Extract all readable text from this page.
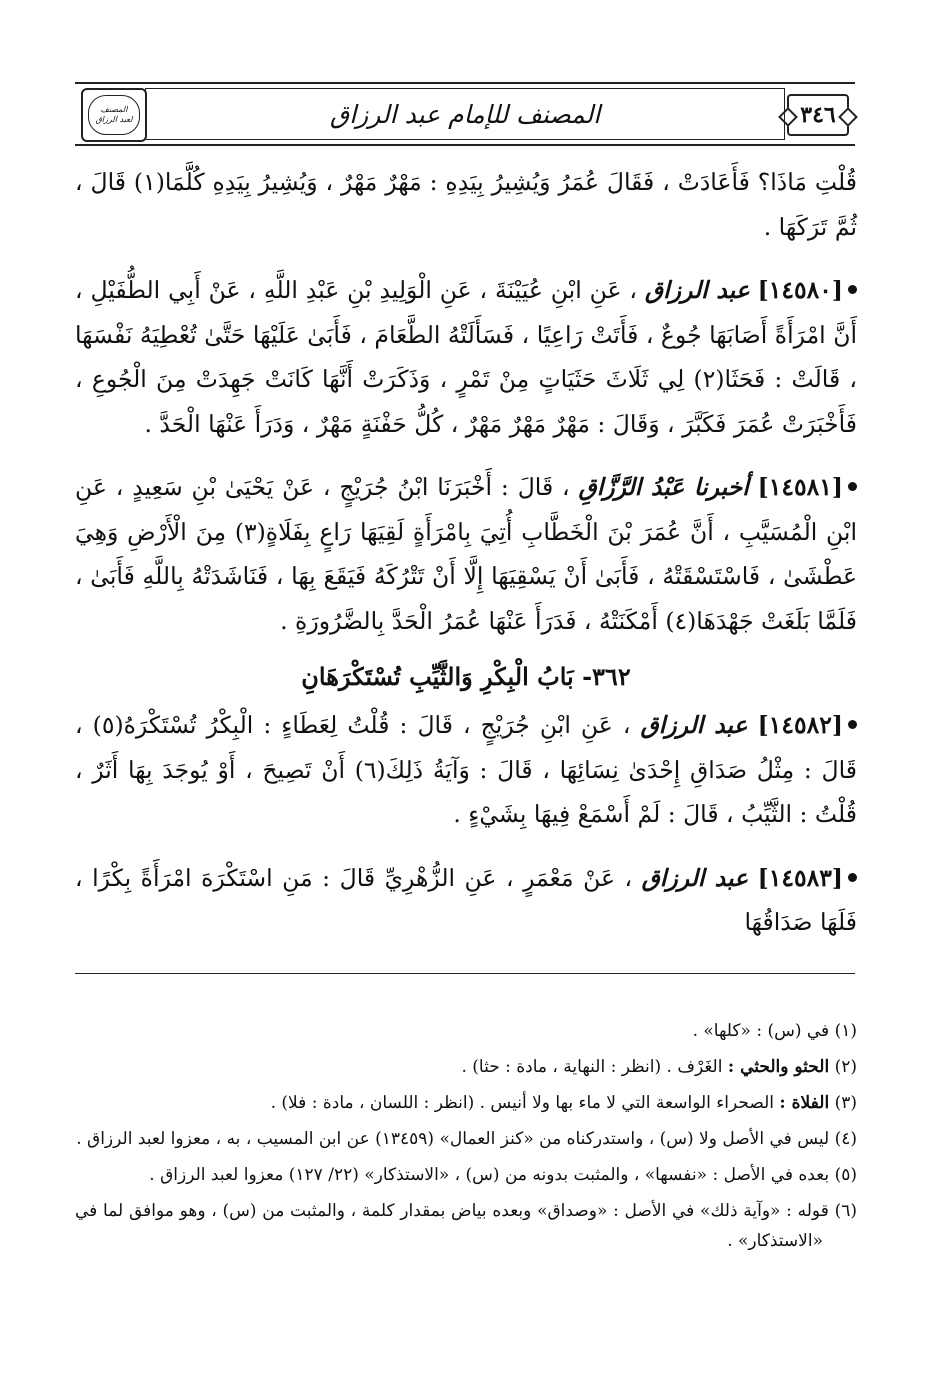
٣٤٦
المصنف للإمام عبد الرزاق
المصنف
لعبد الرزاق

قُلْتِ مَاذَا؟ فَأَعَادَتْ ، فَقَالَ عُمَرُ وَيُشِيرُ بِيَدِهِ : مَهْرٌ مَهْرٌ ، وَيُشِيرُ بِيَدِهِ كُلَّمَا(١) قَالَ ، ثُمَّ تَرَكَهَا .

[١٤٥٨٠] عبد الرزاق ، عَنِ ابْنِ عُيَيْنَةَ ، عَنِ الْوَلِيدِ بْنِ عَبْدِ اللَّهِ ، عَنْ أَبِي الطُّفَيْلِ ، أَنَّ امْرَأَةً أَصَابَهَا جُوعٌ ، فَأَتَتْ رَاعِيًا ، فَسَأَلَتْهُ الطَّعَامَ ، فَأَبَىٰ عَلَيْهَا حَتَّىٰ تُعْطِيَهُ نَفْسَهَا ، قَالَتْ : فَحَثَا(٢) لِي ثَلَاثَ حَثَيَاتٍ مِنْ تَمْرٍ ، وَذَكَرَتْ أَنَّهَا كَانَتْ جَهِدَتْ مِنَ الْجُوعِ ، فَأَخْبَرَتْ عُمَرَ فَكَبَّرَ ، وَقَالَ : مَهْرٌ مَهْرٌ مَهْرٌ ، كُلُّ حَفْنَةٍ مَهْرٌ ، وَدَرَأَ عَنْهَا الْحَدَّ .

[١٤٥٨١] أخبرنا عَبْدُ الرَّزَّاقِ ، قَالَ : أَخْبَرَنَا ابْنُ جُرَيْجٍ ، عَنْ يَحْيَىٰ بْنِ سَعِيدٍ ، عَنِ ابْنِ الْمُسَيَّبِ ، أَنَّ عُمَرَ بْنَ الْخَطَّابِ أُتِيَ بِامْرَأَةٍ لَقِيَهَا رَاعٍ بِفَلَاةٍ(٣) مِنَ الْأَرْضِ وَهِيَ عَطْشَىٰ ، فَاسْتَسْقَتْهُ ، فَأَبَىٰ أَنْ يَسْقِيَهَا إِلَّا أَنْ تَتْرُكَهُ فَيَقَعَ بِهَا ، فَنَاشَدَتْهُ بِاللَّهِ فَأَبَىٰ ، فَلَمَّا بَلَغَتْ جَهْدَهَا(٤) أَمْكَنَتْهُ ، فَدَرَأَ عَنْهَا عُمَرُ الْحَدَّ بِالضَّرُورَةِ .

٣٦٢- بَابُ الْبِكْرِ وَالثَّيِّبِ تُسْتَكْرَهَانِ

[١٤٥٨٢] عبد الرزاق ، عَنِ ابْنِ جُرَيْجٍ ، قَالَ : قُلْتُ لِعَطَاءٍ : الْبِكْرُ تُسْتَكْرَهُ(٥) ، قَالَ : مِثْلُ صَدَاقِ إِحْدَىٰ نِسَائِهَا ، قَالَ : وَآيَةُ ذَلِكَ(٦) أَنْ تَصِيحَ ، أَوْ يُوجَدَ بِهَا أَثَرٌ ، قُلْتُ : الثَّيِّبُ ، قَالَ : لَمْ أَسْمَعْ فِيهَا بِشَيْءٍ .

[١٤٥٨٣] عبد الرزاق ، عَنْ مَعْمَرٍ ، عَنِ الزُّهْرِيِّ قَالَ : مَنِ اسْتَكْرَهَ امْرَأَةً بِكْرًا ، فَلَهَا صَدَاقُهَا

(١) في (س) : «كلها» .

(٢) الحثو والحثي : الغَرْف . (انظر : النهاية ، مادة : حثا) .

(٣) الفلاة : الصحراء الواسعة التي لا ماء بها ولا أنيس . (انظر : اللسان ، مادة : فلا) .

(٤) ليس في الأصل ولا (س) ، واستدركناه من «كنز العمال» (١٣٤٥٩) عن ابن المسيب ، به ، معزوا لعبد الرزاق .

(٥) بعده في الأصل : «نفسها» ، والمثبت بدونه من (س) ، «الاستذكار» (٢٢/ ١٢٧) معزوا لعبد الرزاق .

(٦) قوله : «وآية ذلك» في الأصل : «وصداق» وبعده بياض بمقدار كلمة ، والمثبت من (س) ، وهو موافق لما في «الاستذكار» .
